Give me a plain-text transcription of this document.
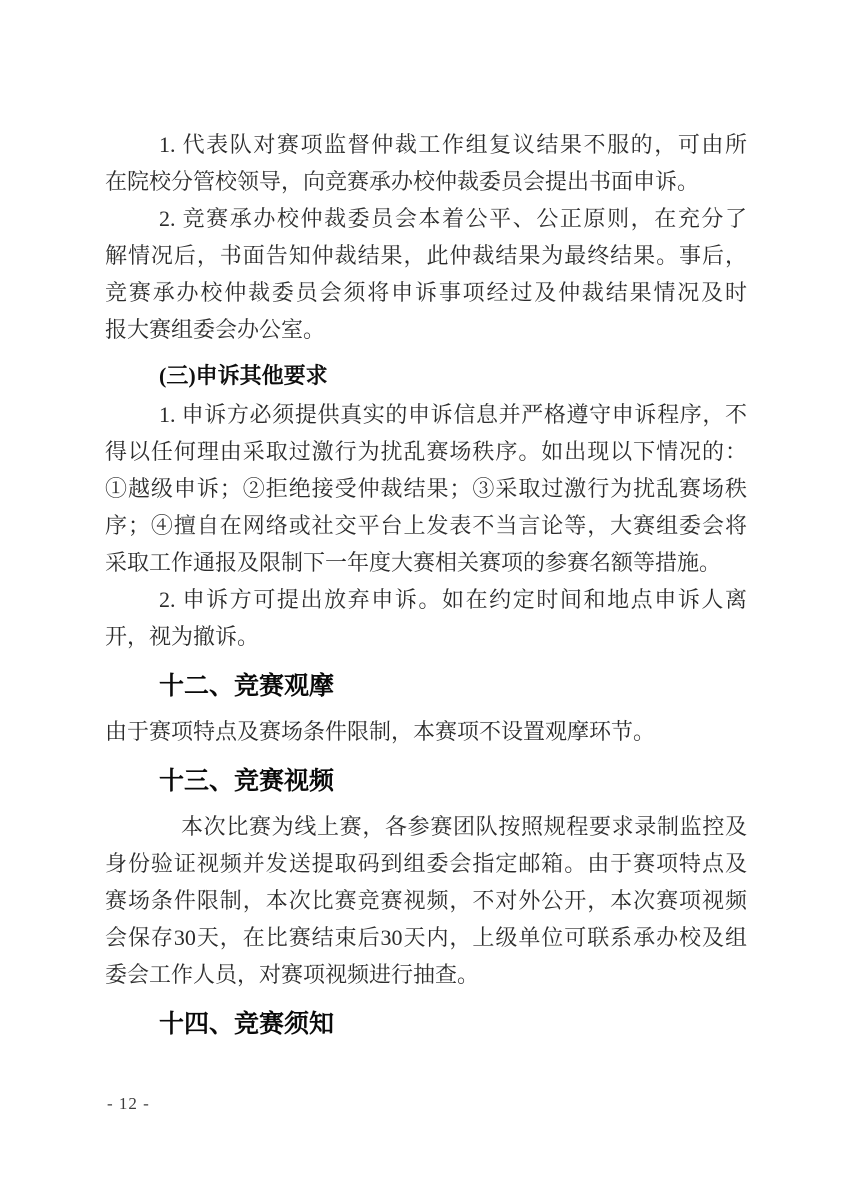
1. 代表队对赛项监督仲裁工作组复议结果不服的，可由所
在院校分管校领导，向竞赛承办校仲裁委员会提出书面申诉。
2. 竞赛承办校仲裁委员会本着公平、公正原则，在充分了
解情况后，书面告知仲裁结果，此仲裁结果为最终结果。事后，
竞赛承办校仲裁委员会须将申诉事项经过及仲裁结果情况及时
报大赛组委会办公室。
(三)申诉其他要求
1. 申诉方必须提供真实的申诉信息并严格遵守申诉程序，不
得以任何理由采取过激行为扰乱赛场秩序。如出现以下情况的：
①越级申诉；②拒绝接受仲裁结果；③采取过激行为扰乱赛场秩
序；④擅自在网络或社交平台上发表不当言论等，大赛组委会将
采取工作通报及限制下一年度大赛相关赛项的参赛名额等措施。
2. 申诉方可提出放弃申诉。如在约定时间和地点申诉人离
开，视为撤诉。
十二、竞赛观摩
由于赛项特点及赛场条件限制，本赛项不设置观摩环节。
十三、竞赛视频
本次比赛为线上赛，各参赛团队按照规程要求录制监控及
身份验证视频并发送提取码到组委会指定邮箱。由于赛项特点及
赛场条件限制，本次比赛竞赛视频，不对外公开，本次赛项视频
会保存30天，在比赛结束后30天内，上级单位可联系承办校及组
委会工作人员，对赛项视频进行抽查。
十四、竞赛须知
- 12 -
